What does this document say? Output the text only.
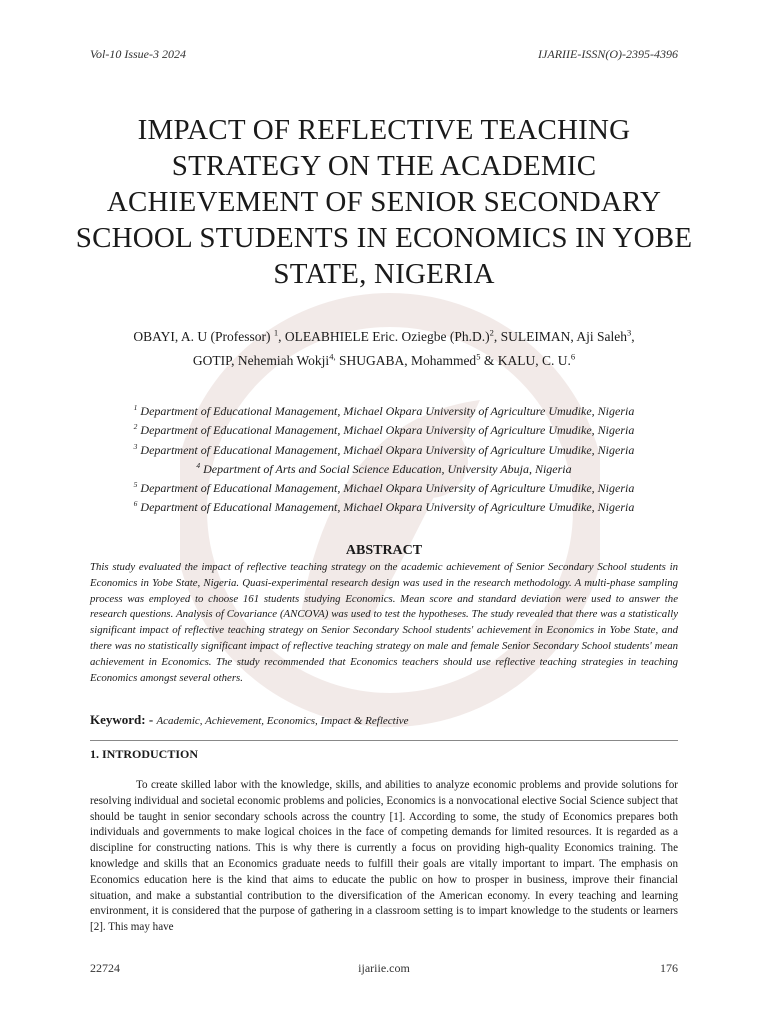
Vol-10 Issue-3 2024	IJARIIE-ISSN(O)-2395-4396
IMPACT OF REFLECTIVE TEACHING STRATEGY ON THE ACADEMIC ACHIEVEMENT OF SENIOR SECONDARY SCHOOL STUDENTS IN ECONOMICS IN YOBE STATE, NIGERIA
OBAYI, A. U (Professor) $^1$, OLEABHIELE Eric. Oziegbe $(Ph.D.)^2$, SULEIMAN, Aji Saleh$^3$,
GOTIP, Nehemiah Wokji$^{4,}$ SHUGABA, Mohammed$^5$ & KALU, C. U.$^6$
$^1$ Department of Educational Management, Michael Okpara University of Agriculture Umudike, Nigeria
$^2$ Department of Educational Management, Michael Okpara University of Agriculture Umudike, Nigeria
$^3$ Department of Educational Management, Michael Okpara University of Agriculture Umudike, Nigeria
$^4$ Department of Arts and Social Science Education, University Abuja, Nigeria
$^5$ Department of Educational Management, Michael Okpara University of Agriculture Umudike, Nigeria
$^6$ Department of Educational Management, Michael Okpara University of Agriculture Umudike, Nigeria
ABSTRACT
This study evaluated the impact of reflective teaching strategy on the academic achievement of Senior Secondary School students in Economics in Yobe State, Nigeria. Quasi-experimental research design was used in the research methodology. A multi-phase sampling process was employed to choose 161 students studying Economics. Mean score and standard deviation were used to answer the research questions. Analysis of Covariance (ANCOVA) was used to test the hypotheses. The study revealed that there was a statistically significant impact of reflective teaching strategy on Senior Secondary School students' achievement in Economics in Yobe State, and there was no statistically significant impact of reflective teaching strategy on male and female Senior Secondary School students' mean achievement in Economics. The study recommended that Economics teachers should use reflective teaching strategies in teaching Economics amongst several others.
Keyword: - Academic, Achievement, Economics, Impact & Reflective
1. INTRODUCTION
To create skilled labor with the knowledge, skills, and abilities to analyze economic problems and provide solutions for resolving individual and societal economic problems and policies, Economics is a nonvocational elective Social Science subject that should be taught in senior secondary schools across the country [1]. According to some, the study of Economics prepares both individuals and governments to make logical choices in the face of competing demands for limited resources. It is regarded as a discipline for constructing nations. This is why there is currently a focus on providing high-quality Economics training. The knowledge and skills that an Economics graduate needs to fulfill their goals are vitally important to impart. The emphasis on Economics education here is the kind that aims to educate the public on how to prosper in business, improve their financial situation, and make a substantial contribution to the diversification of the American economy. In every teaching and learning environment, it is considered that the purpose of gathering in a classroom setting is to impart knowledge to the students or learners [2]. This may have
22724	ijariie.com	176
